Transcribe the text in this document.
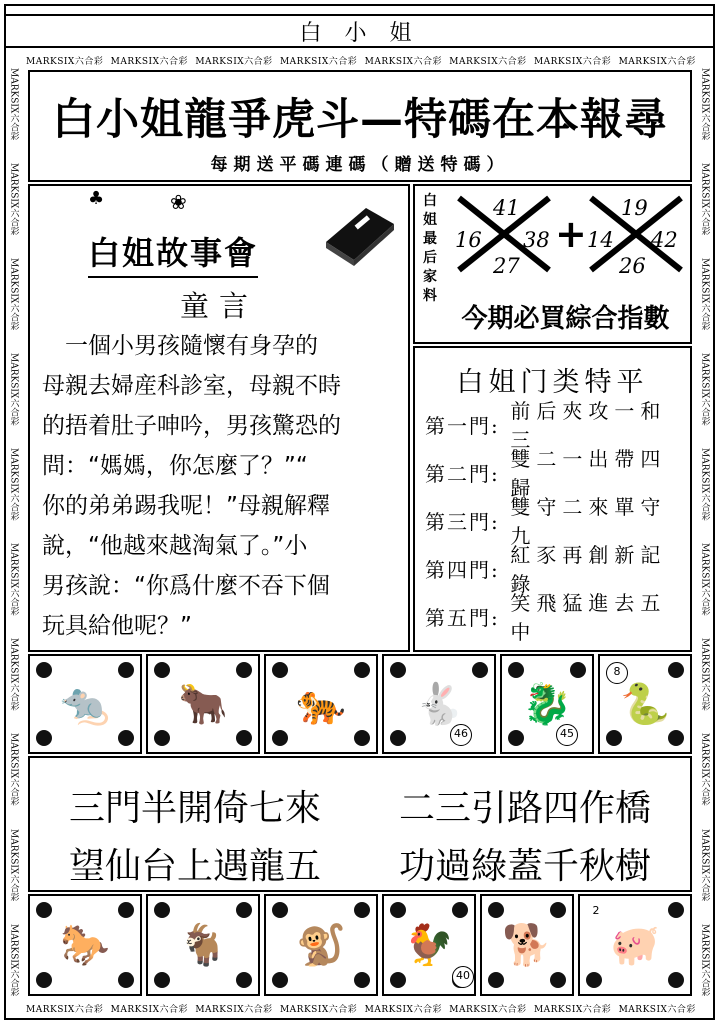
白 小 姐
MARKSIX六合彩 MARKSIX六合彩 MARKSIX六合彩 MARKSIX六合彩 MARKSIX六合彩 MARKSIX六合彩 MARKSIX六合彩 MARKSIX六合彩
MARKSIX六合彩 MARKSIX六合彩 MARKSIX六合彩 MARKSIX六合彩 MARKSIX六合彩 MARKSIX六合彩 MARKSIX六合彩 MARKSIX六合彩
MARKSIX六合彩
MARKSIX六合彩
MARKSIX六合彩
MARKSIX六合彩
MARKSIX六合彩
MARKSIX六合彩
MARKSIX六合彩
MARKSIX六合彩
MARKSIX六合彩
MARKSIX六合彩
MARKSIX六合彩
MARKSIX六合彩
MARKSIX六合彩
MARKSIX六合彩
MARKSIX六合彩
MARKSIX六合彩
MARKSIX六合彩
MARKSIX六合彩
MARKSIX六合彩
MARKSIX六合彩
白小姐龍爭虎斗—特碼在本報尋
每期送平碼連碼（贈送特碼）
♣	❀
白姐故事會
童言
　一個小男孩隨懷有身孕的
母親去婦産科診室，母親不時
的捂着肚子呻吟，男孩驚恐的
問：“媽媽，你怎麼了？”“
你的弟弟踢我呢！”母親解釋
說，“他越來越淘氣了。”小
男孩說：“你爲什麼不吞下個
玩具給他呢？”
白姐最后家料
41
16 38
27
+
19
14 42
26
今期必買綜合指數
白姐门类特平
第一門:
前后夾攻一和三
第二門:
雙二一出帶四歸
第三門:
雙守二來單守九
第四門:
紅豕再創新記錄
第五門:
笑飛猛進去五中
🐀 🐂 🐅
46
🐇
45
🐉
8
🐍
三門半開倚七來 二三引路四作橋
望仙台上遇龍五 功過綠蓋千秋樹
🐎 🐐 🐒 🐓
40
🐕
2
🐖
